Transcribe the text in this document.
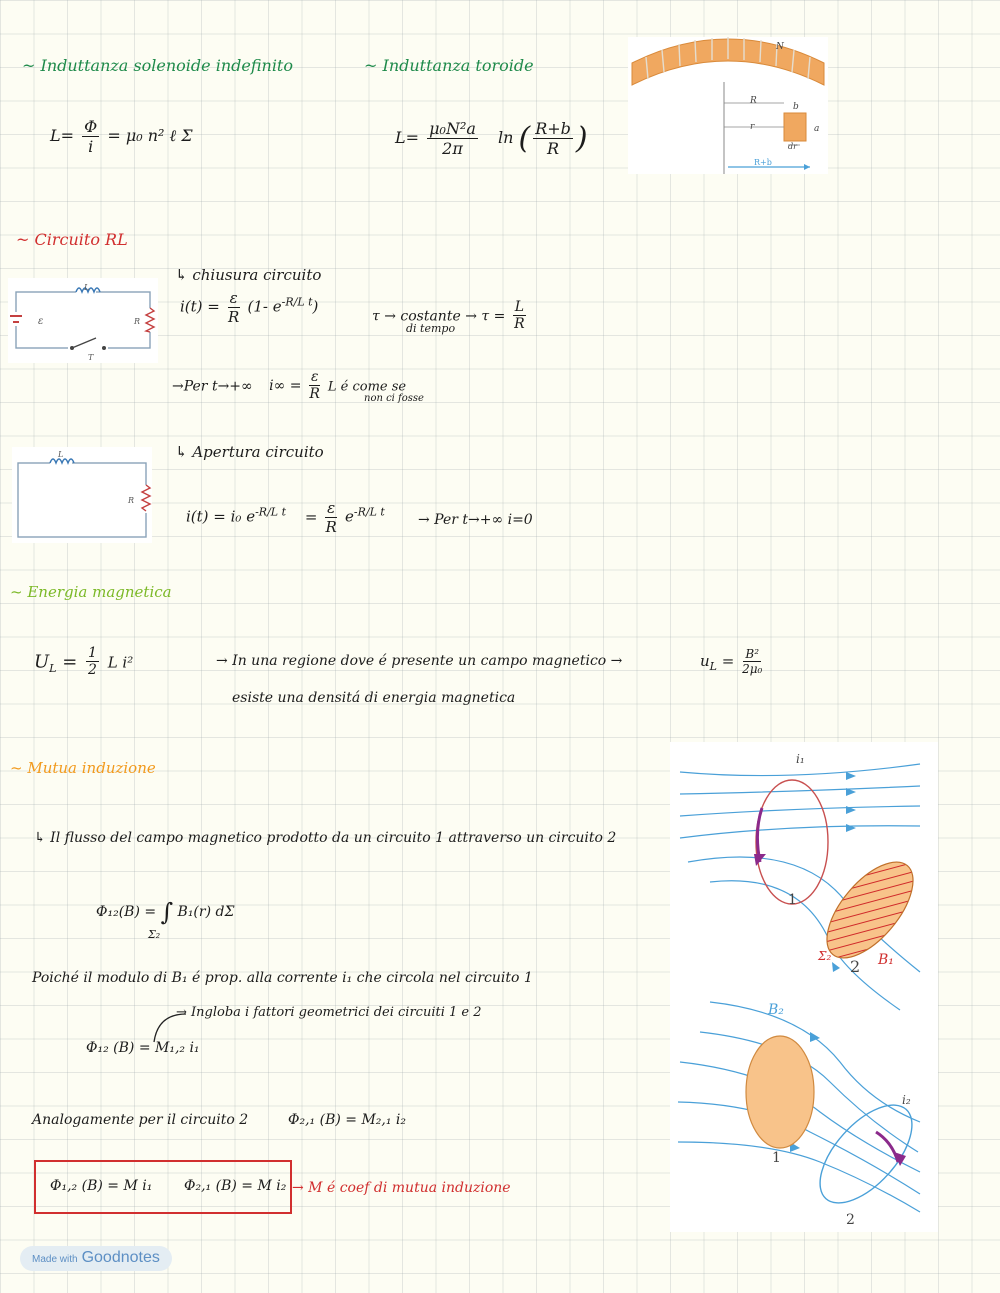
~ Induttanza solenoide indefinito
$L= \frac{\Phi}{i} = \mu_0$ n² ℓ Σ
~ Induttanza toroide
$L= \frac{\text{μ₀N²a}}{2\pi}$ ln ( $\frac{R+b}{R}$ )
N
R
b
r	a
dr
R+b
~ Circuito RL
L
ε	R
T
↳ chiusura circuito
$i(t) = \frac{\varepsilon}{R} (1-$ $e^{-R/L t}$)
τ → costante → $\tau = \frac{L}{R}$
di tempo
→Per t→+∞ $i\infty = \frac{\varepsilon}{R}$ L é come se
non ci fosse
L
R
↳ Apertura circuito
i(t) = i₀ $e^{-R/L t} = \frac{\varepsilon}{R} e^{-R/L t}$ → Per t→+∞ i=0
~ Energia magnetica
$U_L = \frac{1}{2}$ L i²	→ In una regione dove é presente un campo magnetico →	$u_L = \frac{\text{B²}}{\text{2μ₀}}$
esiste una densitá di energia magnetica
~ Mutua induzione
↳ Il flusso del campo magnetico prodotto da un circuito 1 attraverso un circuito 2
Φ₁₂(B) = ∫ B₁(r) dΣ
Σ₂
Poiché il modulo di B₁ é prop. alla corrente i₁ che circola nel circuito 1
→ Ingloba i fattori geometrici dei circuiti 1 e 2
Φ₁₂ (B) = M₁,₂ i₁
Analogamente per il circuito 2	Φ₂,₁ (B) = M₂,₁ i₂
Φ₁,₂ (B) = M i₁ Φ₂,₁ (B) = M i₂ → M é coef di mutua induzione
i₁
1
Σ₂
2 B₁
B₂
i₂
1
2
Made with Goodnotes
